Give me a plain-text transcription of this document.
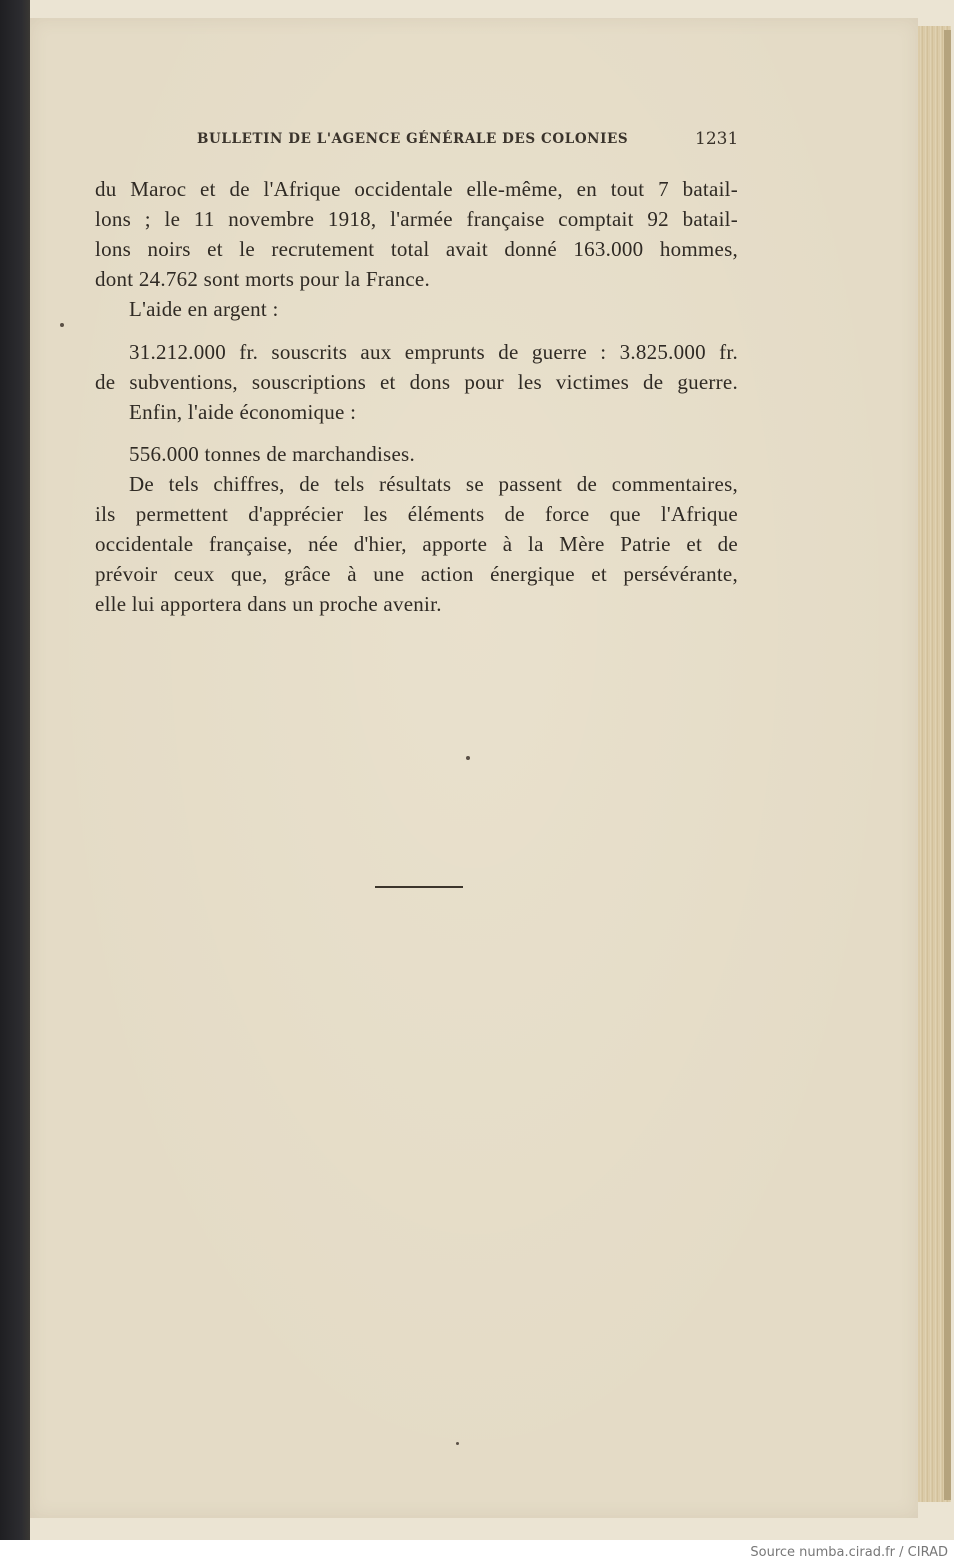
BULLETIN DE L'AGENCE GÉNÉRALE DES COLONIES	1231
du Maroc et de l'Afrique occidentale elle-même, en tout 7 batail-
lons ; le 11 novembre 1918, l'armée française comptait 92 batail-
lons noirs et le recrutement total avait donné 163.000 hommes,
dont 24.762 sont morts pour la France.
L'aide en argent :
31.212.000 fr. souscrits aux emprunts de guerre : 3.825.000 fr.
de subventions, souscriptions et dons pour les victimes de guerre.
Enfin, l'aide économique :
556.000 tonnes de marchandises.
De tels chiffres, de tels résultats se passent de commentaires,
ils permettent d'apprécier les éléments de force que l'Afrique
occidentale française, née d'hier, apporte à la Mère Patrie et de
prévoir ceux que, grâce à une action énergique et persévérante,
elle lui apportera dans un proche avenir.
Source numba.cirad.fr / CIRAD
